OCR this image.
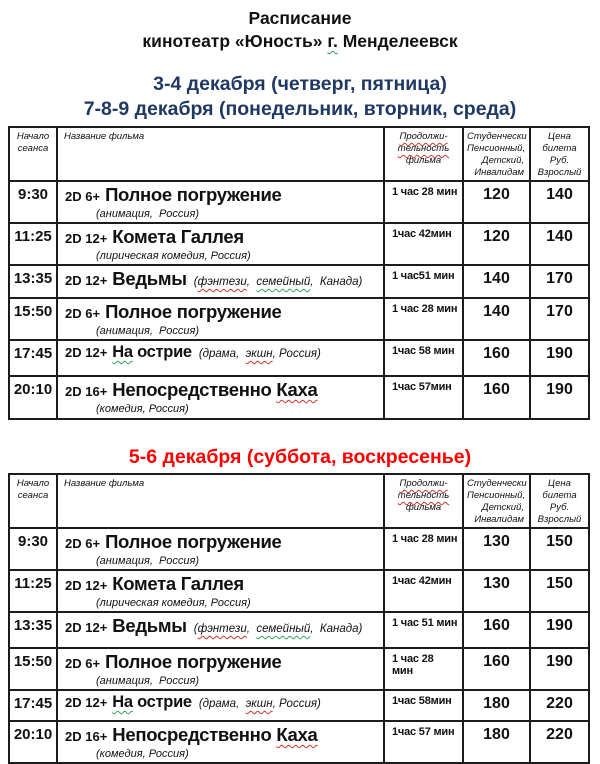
Расписание
кинотеатр «Юность» г. Менделеевск
3-4 декабря (четверг, пятница)
7-8-9 декабря (понедельник, вторник, среда)
Начало
сеанса

Название фильма	Продолжи-
тельность
фильма

Студенчески
Пенсионный,
Детский,
Инвалидам

Цена
билета
Руб.
Взрослый

9:30	2D 6+ Полное погружение
(анимация,  Россия)	1 час 28 мин	120	140
11:25	2D 12+ Комета Галлея
(лирическая комедия, Россия)	1час 42мин	120	140
13:35	2D 12+ Ведьмы (фэнтези,  семейный,  Канада)	1 час51 мин	140	170
15:50	2D 6+ Полное погружение
(анимация,  Россия)	1 час 28 мин	140	170
17:45	2D 12+ На острие (драма,  экшн, Россия)	1час 58 мин	160	190
20:10	2D 16+ Непосредственно Каха
(комедия, Россия)	1час 57мин	160	190
5-6 декабря (суббота, воскресенье)
Начало
сеанса

Название фильма	Продолжи-
тельность
фильма

Студенчески
Пенсионный,
Детский,
Инвалидам

Цена
билета
Руб.
Взрослый

9:30	2D 6+ Полное погружение
(анимация,  Россия)	1 час 28 мин	130	150
11:25	2D 12+ Комета Галлея
(лирическая комедия, Россия)	1час 42мин	130	150
13:35	2D 12+ Ведьмы (фэнтези,  семейный,  Канада)	1 час 51 мин	160	190
15:50	2D 6+ Полное погружение
(анимация,  Россия)	1 час 28  мин	160	190
17:45	2D 12+ На острие (драма,  экшн, Россия)	1час 58мин	180	220
20:10	2D 16+ Непосредственно Каха
(комедия, Россия)	1час 57 мин	180	220
